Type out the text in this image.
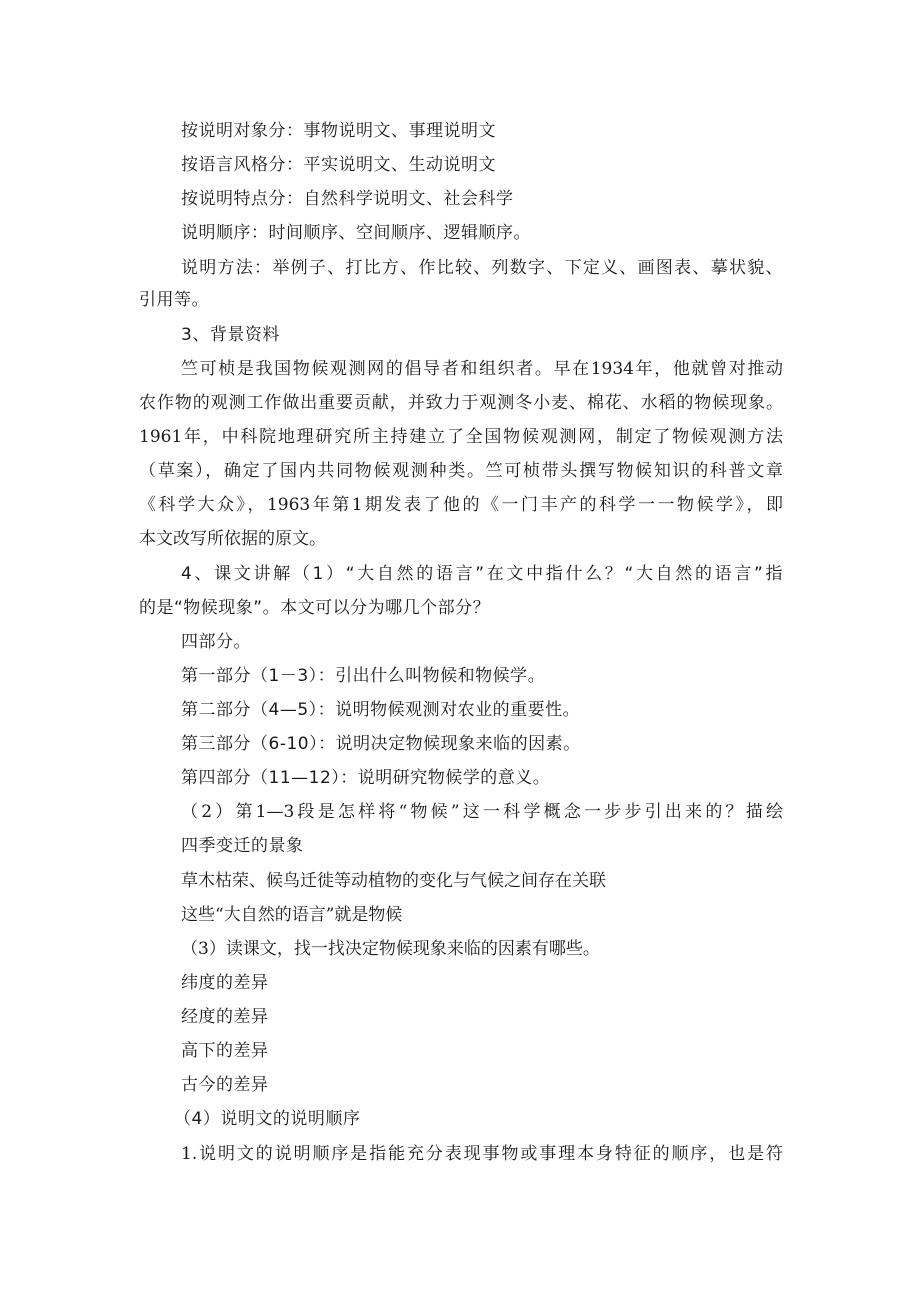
按说明对象分：事物说明文、事理说明文
按语言风格分：平实说明文、生动说明文
按说明特点分：自然科学说明文、社会科学
说明顺序：时间顺序、空间顺序、逻辑顺序。
说明方法：举例子、打比方、作比较、列数字、下定义、画图表、摹状貌、
引用等。
3、背景资料
竺可桢是我国物候观测网的倡导者和组织者。早在1934年，他就曾对推动
农作物的观测工作做出重要贡献，并致力于观测冬小麦、棉花、水稻的物候现象。
1961年，中科院地理研究所主持建立了全国物候观测网，制定了物候观测方法
（草案），确定了国内共同物候观测种类。竺可桢带头撰写物候知识的科普文章
《科学大众》，1963年第1期发表了他的《一门丰产的科学一一物候学》，即
本文改写所依据的原文。
4、课文讲解（1）“大自然的语言”在文中指什么？“大自然的语言”指
的是“物候现象”。本文可以分为哪几个部分？
四部分。
第一部分（1－3）：引出什么叫物候和物候学。
第二部分（4—5）：说明物候观测对农业的重要性。
第三部分（6-10）：说明决定物候现象来临的因素。
第四部分（11—12）：说明研究物候学的意义。
（2）第1—3段是怎样将“物候”这一科学概念一步步引出来的？描绘
四季变迁的景象
草木枯荣、候鸟迁徙等动植物的变化与气候之间存在关联
这些“大自然的语言”就是物候
（3）读课文，找一找决定物候现象来临的因素有哪些。
纬度的差异
经度的差异
高下的差异
古今的差异
（4）说明文的说明顺序
1.说明文的说明顺序是指能充分表现事物或事理本身特征的顺序，也是符
